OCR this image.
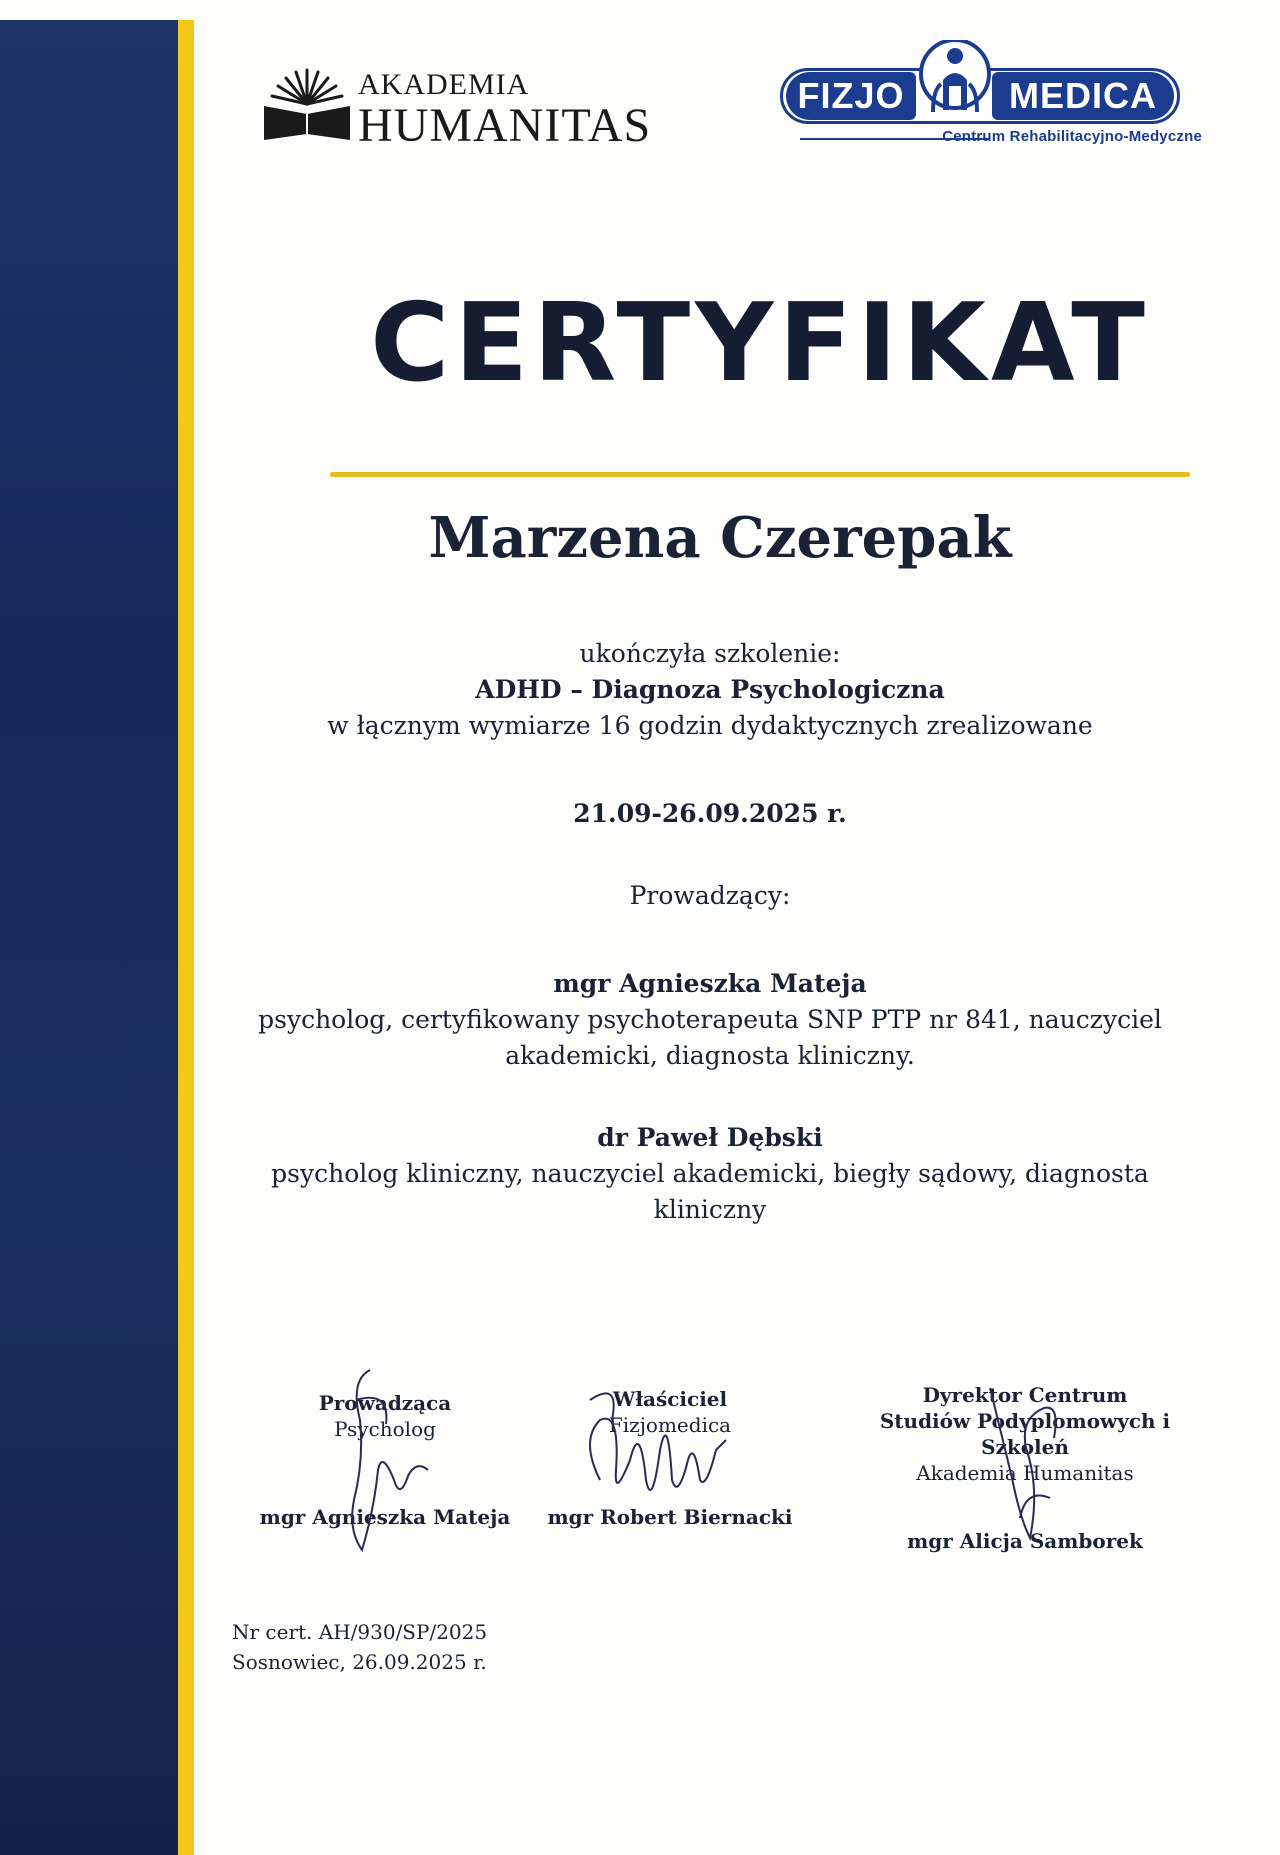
AKADEMIA
HUMANITAS
FIZJO	MEDICA
Centrum Rehabilitacyjno-Medyczne
CERTYFIKAT
Marzena Czerepak
ukończyła szkolenie:
ADHD – Diagnoza Psychologiczna
w łącznym wymiarze 16 godzin dydaktycznych zrealizowane
21.09-26.09.2025 r.
Prowadzący:
mgr Agnieszka Mateja
psycholog, certyfikowany psychoterapeuta SNP PTP nr 841, nauczyciel
akademicki, diagnosta kliniczny.
dr Paweł Dębski
psycholog kliniczny, nauczyciel akademicki, biegły sądowy, diagnosta
kliniczny
Prowadząca
Psycholog
mgr Agnieszka Mateja
Właściciel
Fizjomedica
mgr Robert Biernacki
Dyrektor Centrum
Studiów Podyplomowych i Szkoleń
Akademia Humanitas
mgr Alicja Samborek
Nr cert. AH/930/SP/2025
Sosnowiec, 26.09.2025 r.
